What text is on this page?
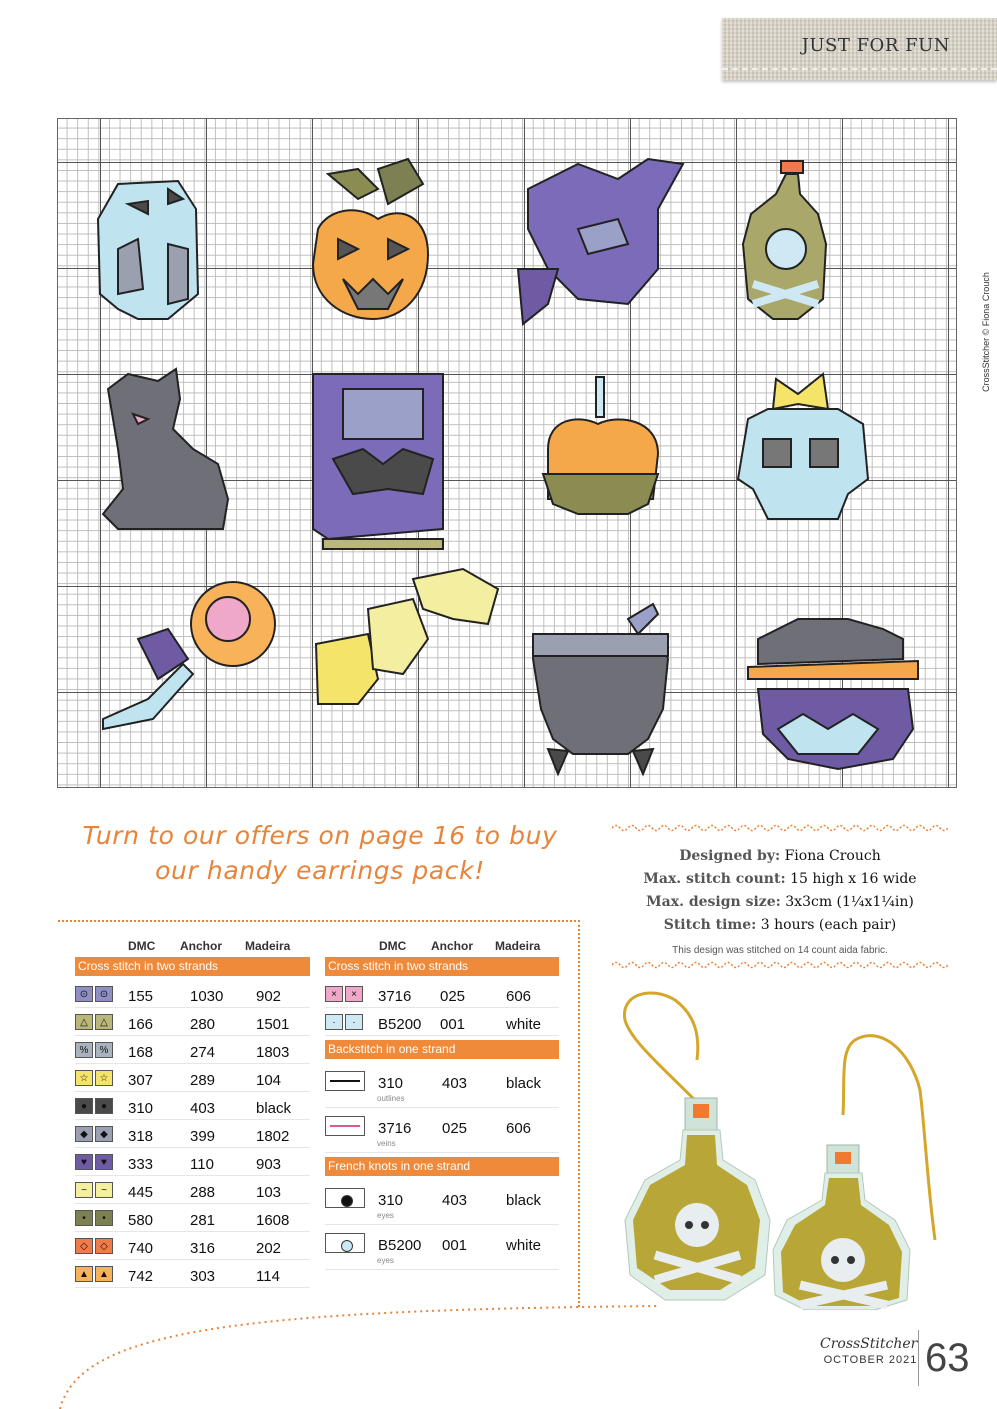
JUST FOR FUN
CrossStitcher © Fiona Crouch
Turn to our offers on page 16 to buy our handy earrings pack!	Designed by: Fiona Crouch
Max. stitch count: 15 high x 16 wide
Max. design size: 3x3cm (1¼x1¼in)
Stitch time: 3 hours (each pair)
This design was stitched on 14 count aida fabric.
DMC Anchor Madeira
Cross stitch in two strands
⊙	⊙	155 1030 902
△	△	166 280	1501
%	%	168 274	1803
☆	☆	307 289	104
●	●	310 403	black
◆	◆	318 399	1802
♥	♥	333 110	903
~	~	445 288	103
•	•	580 281	1608
◇	◇	740 316	202
▲	▲ 742 303	114
DMC Anchor Madeira
Cross stitch in two strands
×	×	3716 025	606
·	·	B5200 001	white
Backstitch in one strand
310	403	black
outlines
3716 025	606
veins
French knots in one strand
310	403	black
eyes
B5200 001	white
eyes
CrossStitcher
OCTOBER 2021 63
